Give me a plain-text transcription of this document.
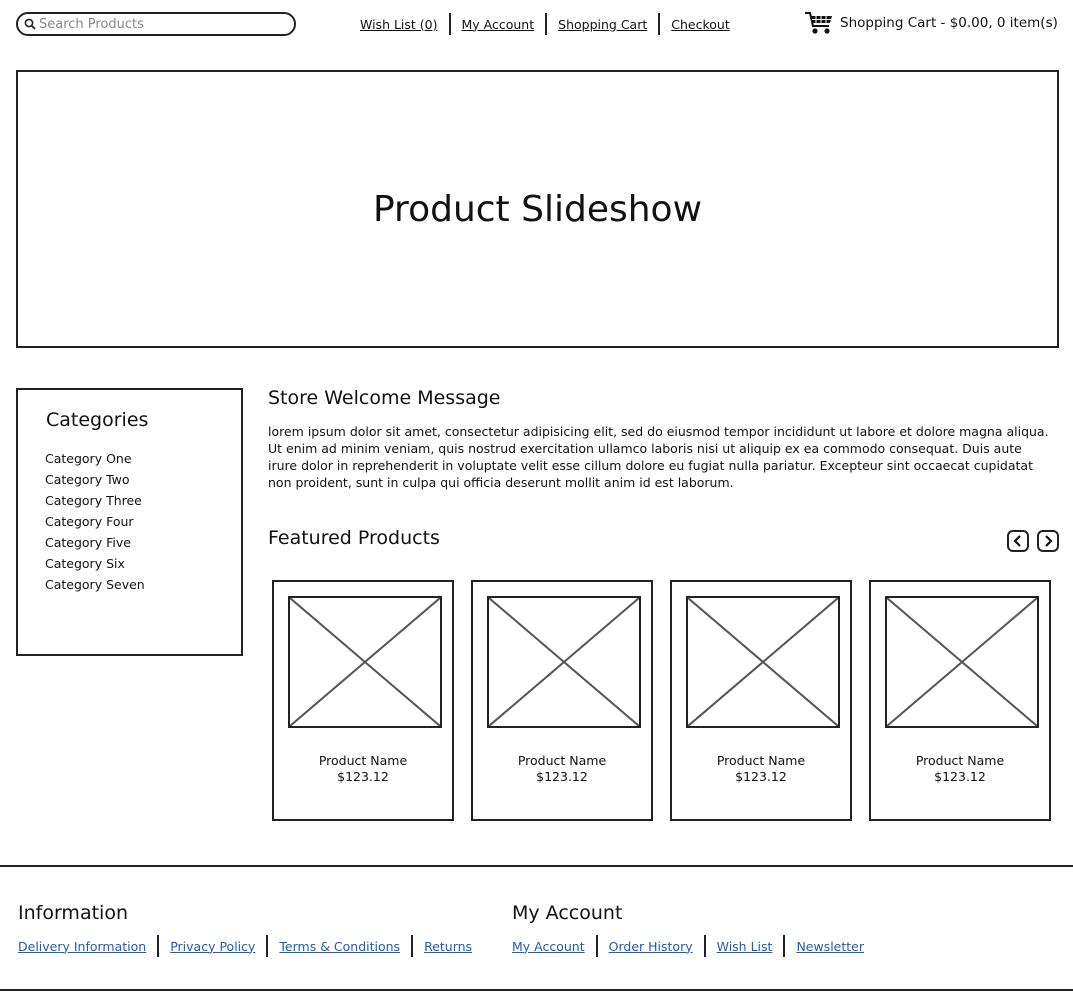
Search Products
Wish List (0) My Account Shopping Cart Checkout	Shopping Cart - $0.00, 0 item(s)
Product Slideshow
Categories
Category One
Category Two
Category Three
Category Four
Category Five
Category Six
Category Seven
Store Welcome Message
lorem ipsum dolor sit amet, consectetur adipisicing elit, sed do eiusmod tempor incididunt ut labore et dolore magna aliqua. Ut enim ad minim veniam, quis nostrud exercitation ullamco laboris nisi ut aliquip ex ea commodo consequat. Duis aute irure dolor in reprehenderit in voluptate velit esse cillum dolore eu fugiat nulla pariatur. Excepteur sint occaecat cupidatat non proident, sunt in culpa qui officia deserunt mollit anim id est laborum.
Featured Products
Product Name
$123.12
Product Name
$123.12
Product Name
$123.12
Product Name
$123.12
Information
Delivery Information Privacy Policy Terms & Conditions Returns
My Account
My Account Order History Wish List Newsletter
